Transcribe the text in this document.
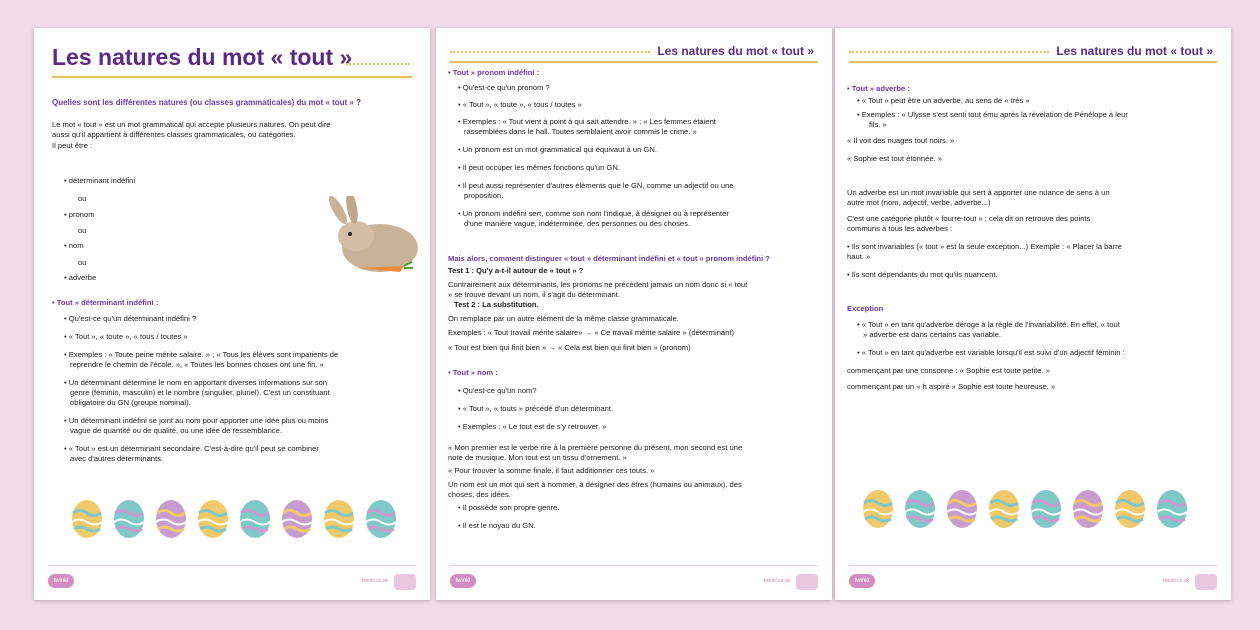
Les natures du mot « tout »
Quelles sont les différentes natures (ou classes grammaticales) du mot « tout » ?
Le mot « tout » est un mot grammatical qui accepte plusieurs natures. On peut dire
aussi qu'il appartient à différentes classes grammaticales, ou catégories.
Il peut être :
• déterminant indéfini
ou
• pronom
ou
• nom
ou
• adverbe
• Tout » déterminant indéfini :
• Qu'est-ce qu'un déterminant indéfini ?
• « Tout », « toute », « tous / toutes »
• Exemples : « Toute peine mérite salaire. » ; « Tous les élèves sont impatients de
reprendre le chemin de l'école. », « Toutes les bonnes choses ont une fin. »
• Un déterminant détermine le nom en apportant diverses informations sur son
genre (féminin, masculin) et le nombre (singulier, pluriel). C'est un constituant
obligatoire du GN (groupe nominal).
• Un déterminant indéfini se joint au nom pour apporter une idée plus ou moins
vague de quantité ou de qualité, ou une idée de ressemblance.
• « Tout » est un déterminant secondaire. C'est-à-dire qu'il peut se combiner
avec d'autres déterminants.
twinkl	twinkl.co.uk
Les natures du mot « tout »
• Tout » pronom indéfini :
• Qu'est-ce qu'un pronom ?
• « Tout », « toute », « tous / toutes »
• Exemples : « Tout vient à point à qui sait attendre. » ; « Les femmes étaient
rassemblées dans le hall. Toutes semblaient avoir commis le crime. »
• Un pronom est un mot grammatical qui équivaut à un GN.
• Il peut occuper les mêmes fonctions qu'un GN.
• Il peut aussi représenter d'autres éléments que le GN, comme un adjectif ou une
proposition.
• Un pronom indéfini sert, comme son nom l'indique, à désigner ou à représenter
d'une manière vague, indéterminée, des personnes ou des choses.
Mais alors, comment distinguer « tout » déterminant indéfini et « tout » pronom indéfini ?
Test 1 : Qu'y a-t-il autour de « tout » ?
Contrairement aux déterminants, les pronoms ne précèdent jamais un nom donc si « tout
» se trouve devant un nom, il s'agit du déterminant.
Test 2 : La substitution.
On remplace par un autre élément de la même classe grammaticale.
Exemples : « Tout travail mérite salaire» → « Ce travail mérite salaire » (déterminant)
« Tout est bien qui finit bien » → « Cela est bien qui finit bien » (pronom)
• Tout » nom :
• Qu'est-ce qu'un nom?
• « Tout », « touts » précédé d'un déterminant.
• Exemples : « Le tout est de s'y retrouver. »
« Mon premier est le verbe rire à la première personne du présent, mon second est une
note de musique. Mon tout est un tissu d'ornement. »
« Pour trouver la somme finale, il faut additionner ces touts. »
Un nom est un mot qui sert à nommer, à désigner des êtres (humains ou animaux), des
choses, des idées.
• Il possède son propre genre.
• Il est le noyau du GN.
twinkl	twinkl.co.uk
Les natures du mot « tout »
• Tout » adverbe :
• « Tout » peut être un adverbe, au sens de « très »
• Exemples : « Ulysse s'est senti tout ému après la révélation de Pénélope à leur
fils. »
« Il voit des nuages tout noirs. »
« Sophie est tout étonnée. »
Un adverbe est un mot invariable qui sert à apporter une nuance de sens à un
autre mot (nom, adjectif, verbe, adverbe...)
C'est une catégorie plutôt « fourre-tout » ; cela dit on retrouve des points
communs à tous les adverbes :
• Ils sont invariables (« tout » est la seule exception...) Exemple : « Placer la barre
haut. »
• Ils sont dépendants du mot qu'ils nuancent.
Exception
• « Tout » en tant qu'adverbe déroge à la règle de l'invariabilité. En effet, « tout
» adverbe est dans certains cas variable.
• « Tout » en tant qu'adverbe est variable lorsqu'il est suivi d'un adjectif féminin :
commençant par une consonne : « Sophie est toute petite. »
commençant par un « h aspiré » Sophie est toute heureuse. »
twinkl	twinkl.co.uk
